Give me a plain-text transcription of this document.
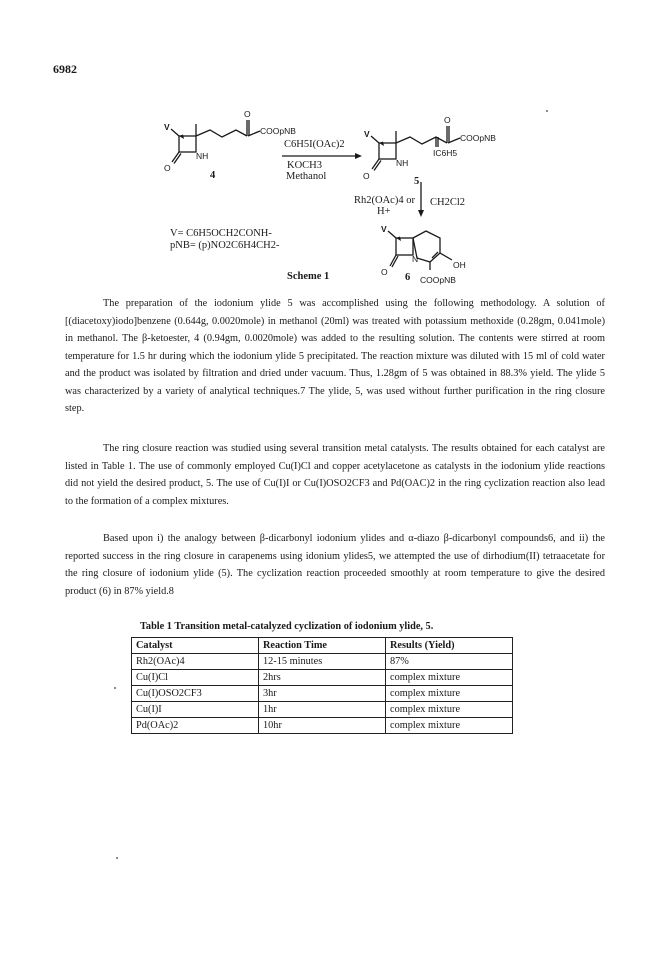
6982
V
O
COOpNB
NH
O
4
C6H5I(OAc)2
KOCH3
Methanol
V
O
COOpNB
NH
IC6H5
O	5
Rh2(OAc)4 or
H+
CH2Cl2
V
N
OH
O 6 COOpNB
V= C6H5OCH2CONH-
pNB= (p)NO2C6H4CH2-
Scheme 1

The preparation of the iodonium ylide 5 was accomplished using the following methodology. A solution of [(diacetoxy)iodo]benzene (0.644g, 0.0020mole) in methanol (20ml) was treated with potassium methoxide (0.28gm, 0.041mole) in methanol. The β-ketoester, 4 (0.94gm, 0.0020mole) was added to the resulting solution. The contents were stirred at room temperature for 1.5 hr during which the iodonium ylide 5 precipitated. The reaction mixture was diluted with 15 ml of cold water and the product was isolated by filtration and dried under vacuum. Thus, 1.28gm of 5 was obtained in 88.3% yield. The ylide 5 was characterized by a variety of analytical techniques.7 The ylide, 5, was used without further purification in the ring closure step.

The ring closure reaction was studied using several transition metal catalysts. The results obtained for each catalyst are listed in Table 1. The use of commonly employed Cu(I)Cl and copper acetylacetone as catalysts in the iodonium ylide reactions did not yield the desired product, 5. The use of Cu(I)I or Cu(I)OSO2CF3 and Pd(OAC)2 in the ring cyclization reaction also lead to the formation of a complex mixtures.

Based upon i) the analogy between β-dicarbonyl iodonium ylides and α-diazo β-dicarbonyl compounds6, and ii) the reported success in the ring closure in carapenems using idonium ylides5, we attempted the use of dirhodium(II) tetraacetate for the ring closure of iodonium ylide (5). The cyclization reaction proceeded smoothly at room temperature to give the desired product (6) in 87% yield.8

Table 1 Transition metal-catalyzed cyclization of iodonium ylide, 5.
Catalyst	Reaction Time	Results (Yield)
Rh2(OAc)4	12-15 minutes	87%
Cu(I)Cl	2hrs	complex mixture
Cu(I)OSO2CF3	3hr	complex mixture
Cu(I)I	1hr	complex mixture
Pd(OAc)2	10hr	complex mixture
